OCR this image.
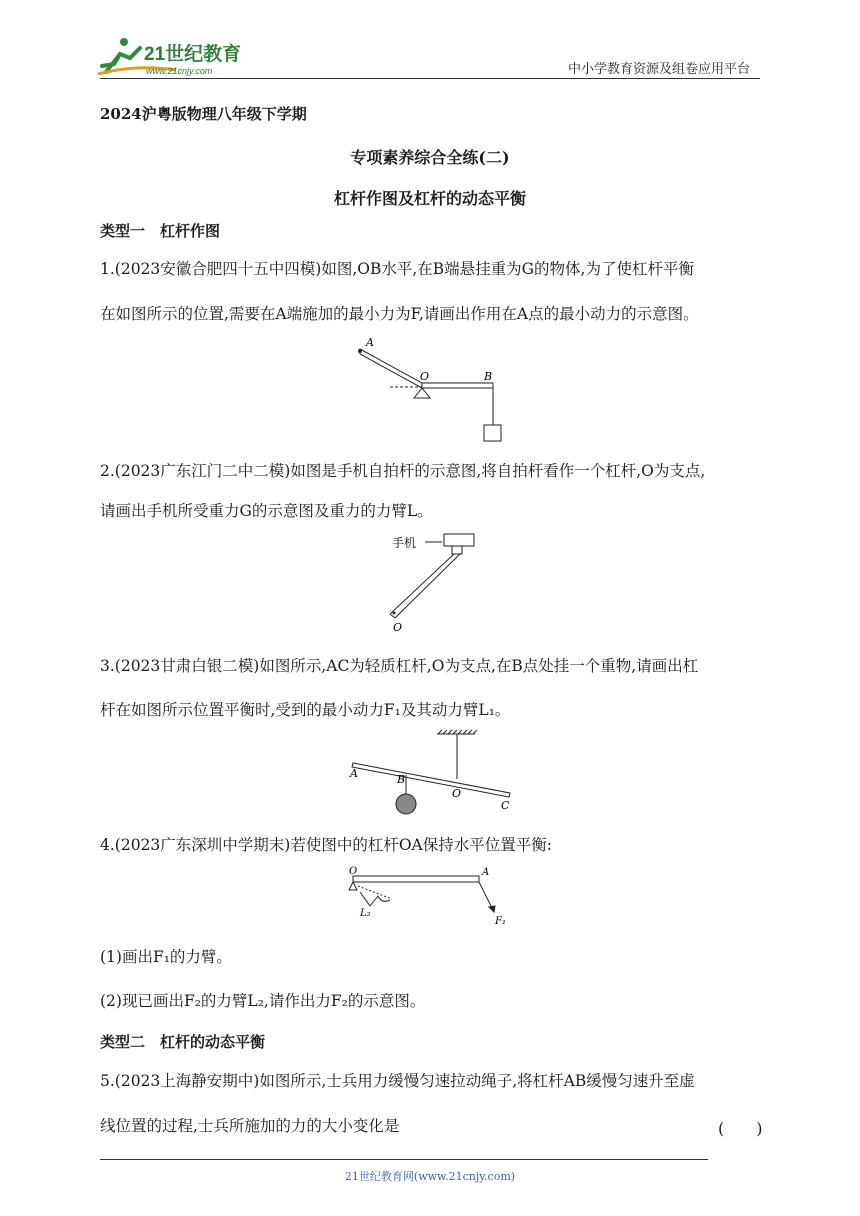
21世纪教育
www.21cnjy.com	中小学教育资源及组卷应用平台
2024沪粤版物理八年级下学期
专项素养综合全练(二)
杠杆作图及杠杆的动态平衡
类型一　杠杆作图
1.(2023安徽合肥四十五中四模)如图,OB水平,在B端悬挂重为G的物体,为了使杠杆平衡
在如图所示的位置,需要在A端施加的最小力为F,请画出作用在A点的最小动力的示意图。
A
O	B
2.(2023广东江门二中二模)如图是手机自拍杆的示意图,将自拍杆看作一个杠杆,O为支点,
请画出手机所受重力G的示意图及重力的力臂L。
手机
O
3.(2023甘肃白银二模)如图所示,AC为轻质杠杆,O为支点,在B点处挂一个重物,请画出杠
杆在如图所示位置平衡时,受到的最小动力F₁及其动力臂L₁。
A	B
O
C
4.(2023广东深圳中学期末)若使图中的杠杆OA保持水平位置平衡:
O	A
L₂
F₁
(1)画出F₁的力臂。
(2)现已画出F₂的力臂L₂,请作出力F₂的示意图。
类型二　杠杆的动态平衡
5.(2023上海静安期中)如图所示,士兵用力缓慢匀速拉动绳子,将杠杆AB缓慢匀速升至虚
线位置的过程,士兵所施加的力的大小变化是	(　　)
21世纪教育网(www.21cnjy.com)
